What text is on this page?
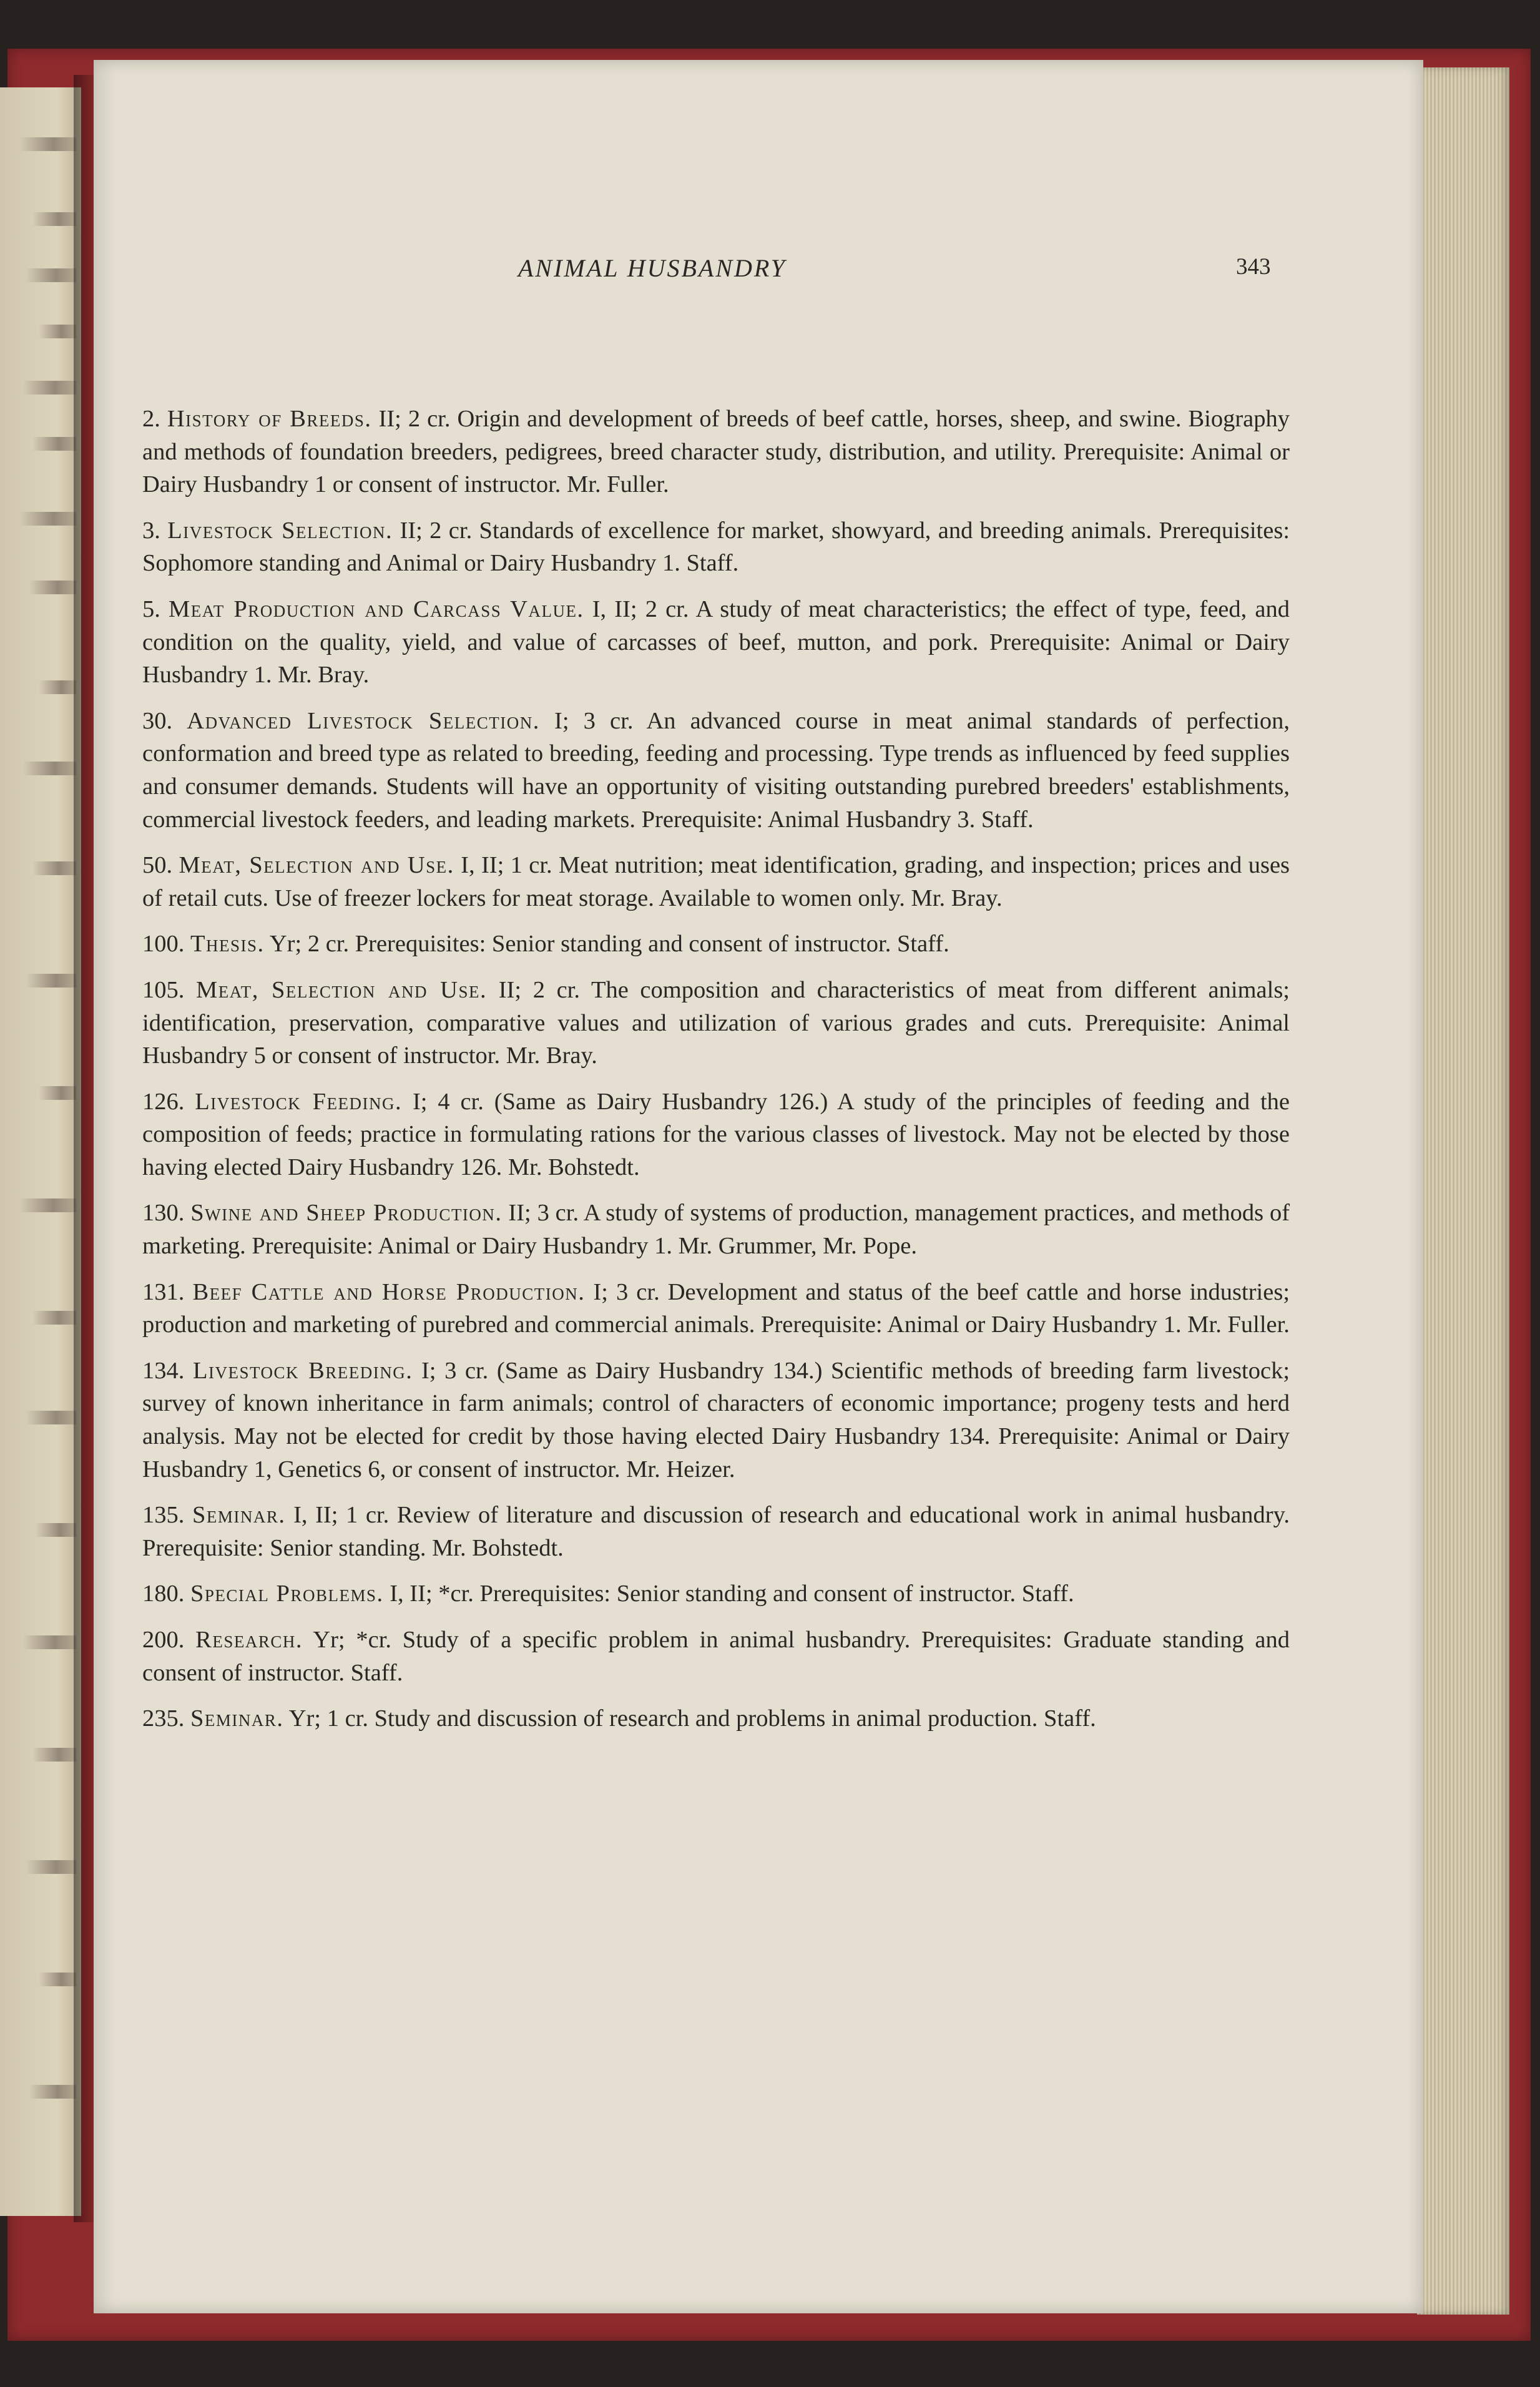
ANIMAL HUSBANDRY	343

2. History of Breeds. II; 2 cr. Origin and development of breeds of beef cattle, horses, sheep, and swine. Biography and methods of foundation breeders, pedigrees, breed character study, distribution, and utility. Prerequisite: Animal or Dairy Husbandry 1 or consent of instructor. Mr. Fuller.

3. Livestock Selection. II; 2 cr. Standards of excellence for market, showyard, and breeding animals. Prerequisites: Sophomore standing and Animal or Dairy Husbandry 1. Staff.

5. Meat Production and Carcass Value. I, II; 2 cr. A study of meat characteristics; the effect of type, feed, and condition on the quality, yield, and value of carcasses of beef, mutton, and pork. Prerequisite: Animal or Dairy Husbandry 1. Mr. Bray.

30. Advanced Livestock Selection. I; 3 cr. An advanced course in meat animal standards of perfection, conformation and breed type as related to breeding, feeding and processing. Type trends as influenced by feed supplies and consumer demands. Students will have an opportunity of visiting outstanding purebred breeders' establishments, commercial livestock feeders, and leading markets. Prerequisite: Animal Husbandry 3. Staff.

50. Meat, Selection and Use. I, II; 1 cr. Meat nutrition; meat identification, grading, and inspection; prices and uses of retail cuts. Use of freezer lockers for meat storage. Available to women only. Mr. Bray.

100. Thesis. Yr; 2 cr. Prerequisites: Senior standing and consent of instructor. Staff.

105. Meat, Selection and Use. II; 2 cr. The composition and characteristics of meat from different animals; identification, preservation, comparative values and utilization of various grades and cuts. Prerequisite: Animal Husbandry 5 or consent of instructor. Mr. Bray.

126. Livestock Feeding. I; 4 cr. (Same as Dairy Husbandry 126.) A study of the principles of feeding and the composition of feeds; practice in formulating rations for the various classes of livestock. May not be elected by those having elected Dairy Husbandry 126. Mr. Bohstedt.

130. Swine and Sheep Production. II; 3 cr. A study of systems of production, management practices, and methods of marketing. Prerequisite: Animal or Dairy Husbandry 1. Mr. Grummer, Mr. Pope.

131. Beef Cattle and Horse Production. I; 3 cr. Development and status of the beef cattle and horse industries; production and marketing of purebred and commercial animals. Prerequisite: Animal or Dairy Husbandry 1. Mr. Fuller.

134. Livestock Breeding. I; 3 cr. (Same as Dairy Husbandry 134.) Scientific methods of breeding farm livestock; survey of known inheritance in farm animals; control of characters of economic importance; progeny tests and herd analysis. May not be elected for credit by those having elected Dairy Husbandry 134. Prerequisite: Animal or Dairy Husbandry 1, Genetics 6, or consent of instructor. Mr. Heizer.

135. Seminar. I, II; 1 cr. Review of literature and discussion of research and educational work in animal husbandry. Prerequisite: Senior standing. Mr. Bohstedt.

180. Special Problems. I, II; *cr. Prerequisites: Senior standing and consent of instructor. Staff.

200. Research. Yr; *cr. Study of a specific problem in animal husbandry. Prerequisites: Graduate standing and consent of instructor. Staff.

235. Seminar. Yr; 1 cr. Study and discussion of research and problems in animal production. Staff.
